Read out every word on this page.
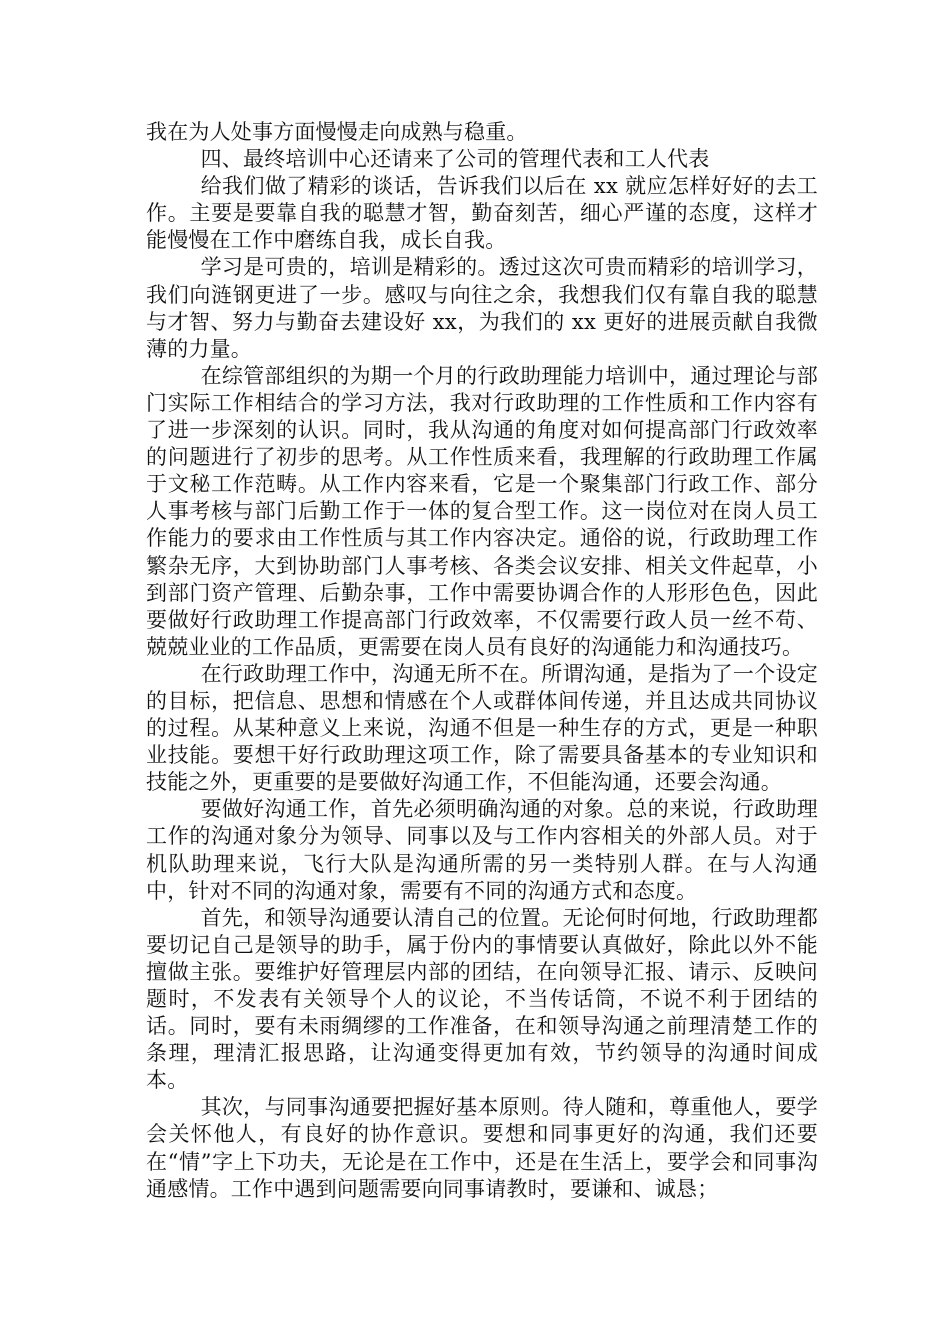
我在为人处事方面慢慢走向成熟与稳重。

四、最终培训中心还请来了公司的管理代表和工人代表

给我们做了精彩的谈话，告诉我们以后在 xx 就应怎样好好的去工作。主要是要靠自我的聪慧才智，勤奋刻苦，细心严谨的态度，这样才能慢慢在工作中磨练自我，成长自我。

学习是可贵的，培训是精彩的。透过这次可贵而精彩的培训学习，我们向涟钢更进了一步。感叹与向往之余，我想我们仅有靠自我的聪慧与才智、努力与勤奋去建设好 xx，为我们的 xx 更好的进展贡献自我微薄的力量。

在综管部组织的为期一个月的行政助理能力培训中，通过理论与部门实际工作相结合的学习方法，我对行政助理的工作性质和工作内容有了进一步深刻的认识。同时，我从沟通的角度对如何提高部门行政效率的问题进行了初步的思考。从工作性质来看，我理解的行政助理工作属于文秘工作范畴。从工作内容来看，它是一个聚集部门行政工作、部分人事考核与部门后勤工作于一体的复合型工作。这一岗位对在岗人员工作能力的要求由工作性质与其工作内容决定。通俗的说，行政助理工作繁杂无序，大到协助部门人事考核、各类会议安排、相关文件起草，小到部门资产管理、后勤杂事，工作中需要协调合作的人形形色色，因此要做好行政助理工作提高部门行政效率，不仅需要行政人员一丝不苟、兢兢业业的工作品质，更需要在岗人员有良好的沟通能力和沟通技巧。

在行政助理工作中，沟通无所不在。所谓沟通，是指为了一个设定的目标，把信息、思想和情感在个人或群体间传递，并且达成共同协议的过程。从某种意义上来说，沟通不但是一种生存的方式，更是一种职业技能。要想干好行政助理这项工作，除了需要具备基本的专业知识和技能之外，更重要的是要做好沟通工作，不但能沟通，还要会沟通。

要做好沟通工作，首先必须明确沟通的对象。总的来说，行政助理工作的沟通对象分为领导、同事以及与工作内容相关的外部人员。对于机队助理来说，飞行大队是沟通所需的另一类特别人群。在与人沟通中，针对不同的沟通对象，需要有不同的沟通方式和态度。

首先，和领导沟通要认清自己的位置。无论何时何地，行政助理都要切记自己是领导的助手，属于份内的事情要认真做好，除此以外不能擅做主张。要维护好管理层内部的团结，在向领导汇报、请示、反映问题时，不发表有关领导个人的议论，不当传话筒，不说不利于团结的话。同时，要有未雨绸缪的工作准备，在和领导沟通之前理清楚工作的条理，理清汇报思路，让沟通变得更加有效，节约领导的沟通时间成本。

其次，与同事沟通要把握好基本原则。待人随和，尊重他人，要学会关怀他人，有良好的协作意识。要想和同事更好的沟通，我们还要在“情”字上下功夫，无论是在工作中，还是在生活上，要学会和同事沟通感情。工作中遇到问题需要向同事请教时，要谦和、诚恳；
